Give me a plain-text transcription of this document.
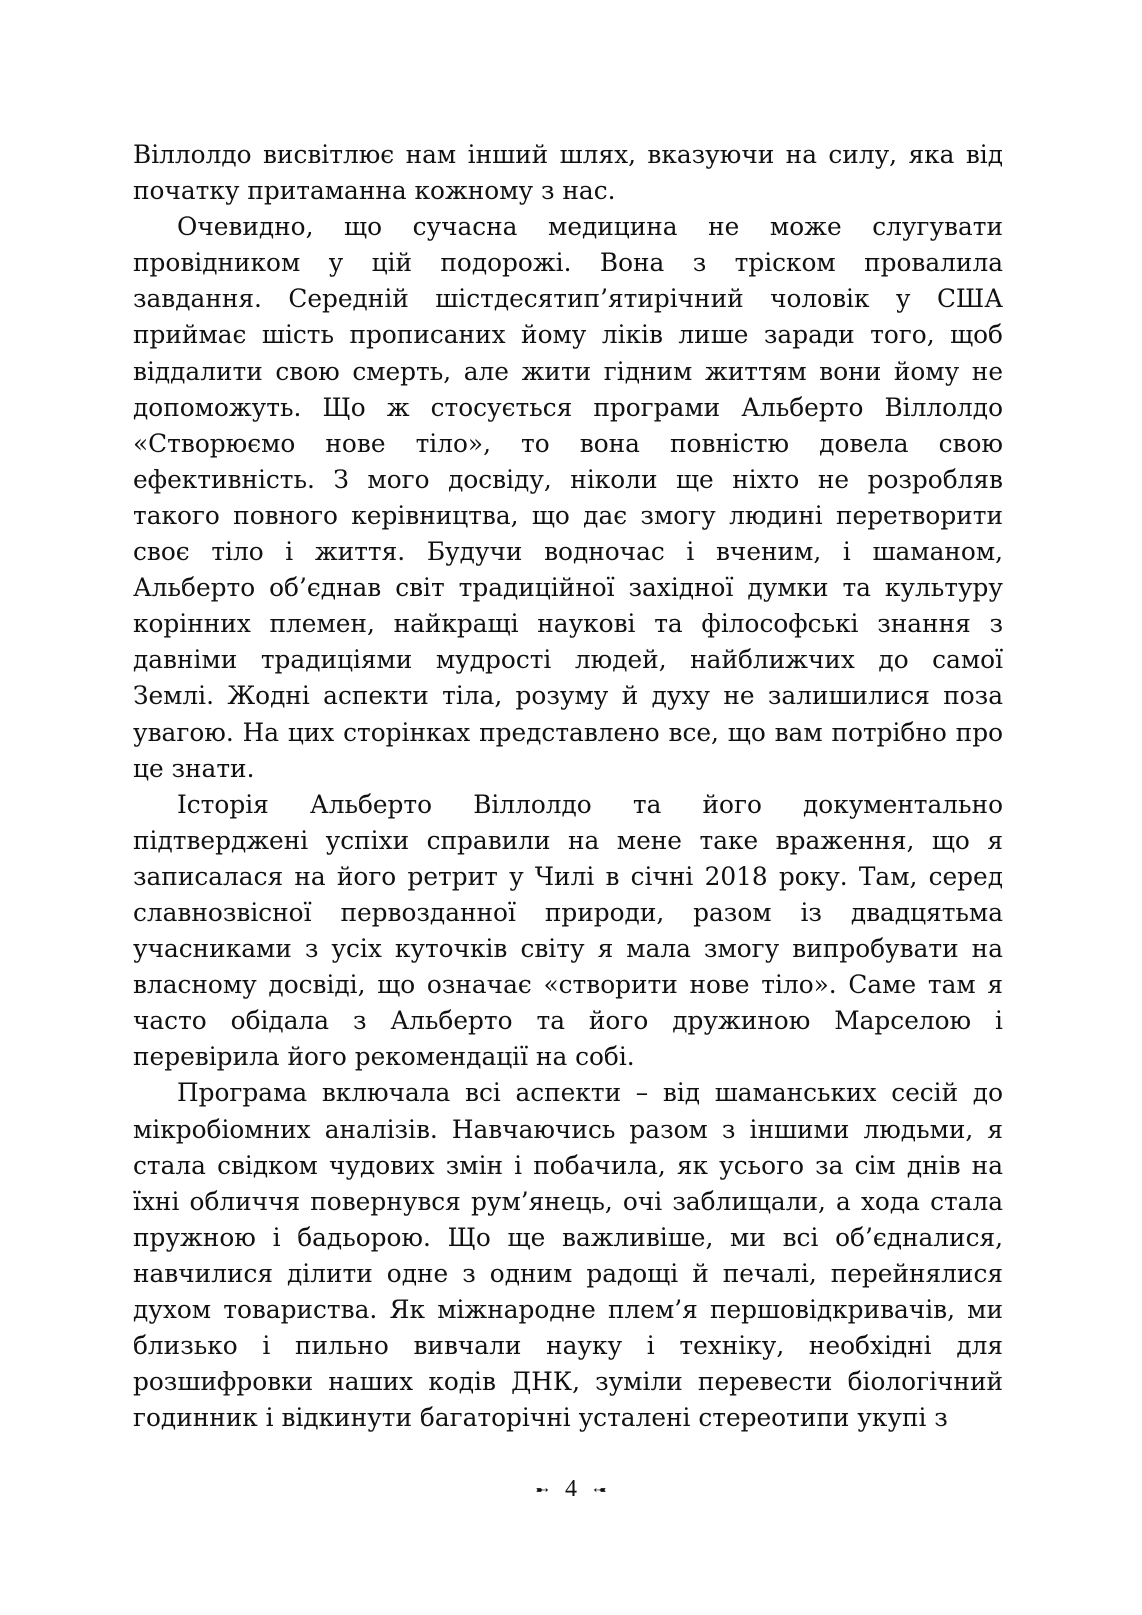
Віллолдо висвітлює нам інший шлях, вказуючи на силу, яка від
початку притаманна кожному з нас.
Очевидно, що сучасна медицина не може слугувати
провідником у цій подорожі. Вона з тріском провалила
завдання. Середній шістдесятип’ятирічний чоловік у США
приймає шість прописаних йому ліків лише заради того, щоб
віддалити свою смерть, але жити гідним життям вони йому не
допоможуть. Що ж стосується програми Альберто Віллолдо
«Створюємо нове тіло», то вона повністю довела свою
ефективність. З мого досвіду, ніколи ще ніхто не розробляв
такого повного керівництва, що дає змогу людині перетворити
своє тіло і життя. Будучи водночас і вченим, і шаманом,
Альберто об’єднав світ традиційної західної думки та культуру
корінних племен, найкращі наукові та філософські знання з
давніми традиціями мудрості людей, найближчих до самої
Землі. Жодні аспекти тіла, розуму й духу не залишилися поза
увагою. На цих сторінках представлено все, що вам потрібно про
це знати.
Історія Альберто Віллолдо та його документально
підтверджені успіхи справили на мене таке враження, що я
записалася на його ретрит у Чилі в січні 2018 року. Там, серед
славнозвісної первозданної природи, разом із двадцятьма
учасниками з усіх куточків світу я мала змогу випробувати на
власному досвіді, що означає «створити нове тіло». Саме там я
часто обідала з Альберто та його дружиною Марселою і
перевірила його рекомендації на собі.
Програма включала всі аспекти – від шаманських сесій до
мікробіомних аналізів. Навчаючись разом з іншими людьми, я
стала свідком чудових змін і побачила, як усього за сім днів на
їхні обличчя повернувся рум’янець, очі заблищали, а хода стала
пружною і бадьорою. Що ще важливіше, ми всі об’єдналися,
навчилися ділити одне з одним радощі й печалі, перейнялися
духом товариства. Як міжнародне плем’я першовідкривачів, ми
близько і пильно вивчали науку і техніку, необхідні для
розшифровки наших кодів ДНК, зуміли перевести біологічний
годинник і відкинути багаторічні усталені стереотипи укупі з
➸ 4 ➸
